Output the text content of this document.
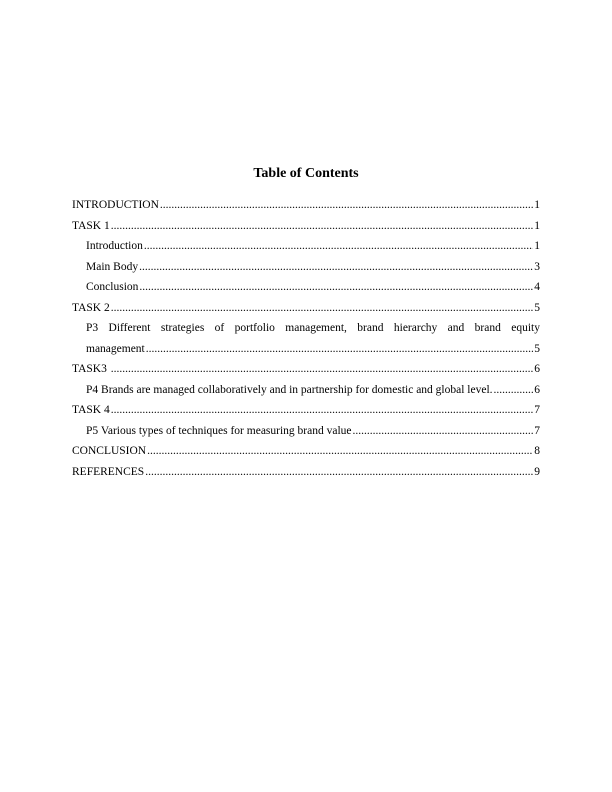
Table of Contents
INTRODUCTION .....	1
TASK 1 .....	1
Introduction .....	1
Main Body .....	3
Conclusion .....	4
TASK 2 .....	5
P3 Different strategies of portfolio management, brand hierarchy and brand equity
management .....	5
TASK3 .....	6
P4 Brands are managed collaboratively and in partnership for domestic and global level. .....	6
TASK 4 .....	7
P5 Various types of techniques for measuring brand value .....	7
CONCLUSION .....	8
REFERENCES .....	9
